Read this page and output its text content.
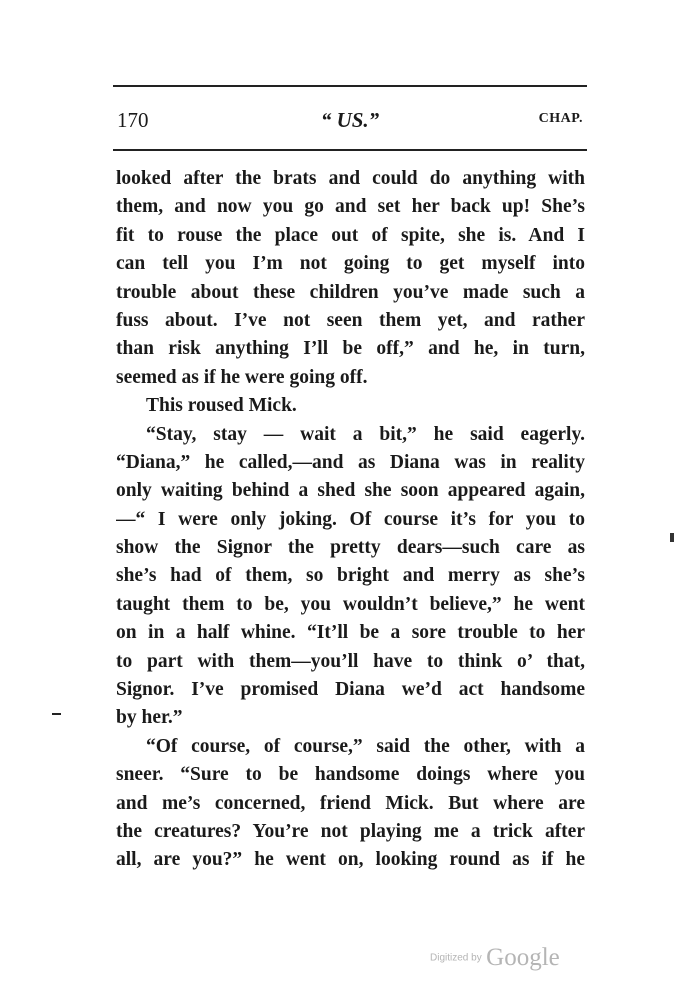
170	“ US.”	CHAP.
looked after the brats and could do anything with
them, and now you go and set her back up! She’s
fit to rouse the place out of spite, she is. And I
can tell you I’m not going to get myself into
trouble about these children you’ve made such a
fuss about. I’ve not seen them yet, and rather
than risk anything I’ll be off,” and he, in turn,
seemed as if he were going off.
This roused Mick.
“Stay, stay — wait a bit,” he said eagerly.
“Diana,” he called,—and as Diana was in reality
only waiting behind a shed she soon appeared again,
—“ I were only joking. Of course it’s for you to
show the Signor the pretty dears—such care as
she’s had of them, so bright and merry as she’s
taught them to be, you wouldn’t believe,” he went
on in a half whine. “It’ll be a sore trouble to her
to part with them—you’ll have to think o’ that,
Signor. I’ve promised Diana we’d act handsome
by her.”
“Of course, of course,” said the other, with a
sneer. “Sure to be handsome doings where you
and me’s concerned, friend Mick. But where are
the creatures? You’re not playing me a trick after
all, are you?” he went on, looking round as if he
Digitized by Google
